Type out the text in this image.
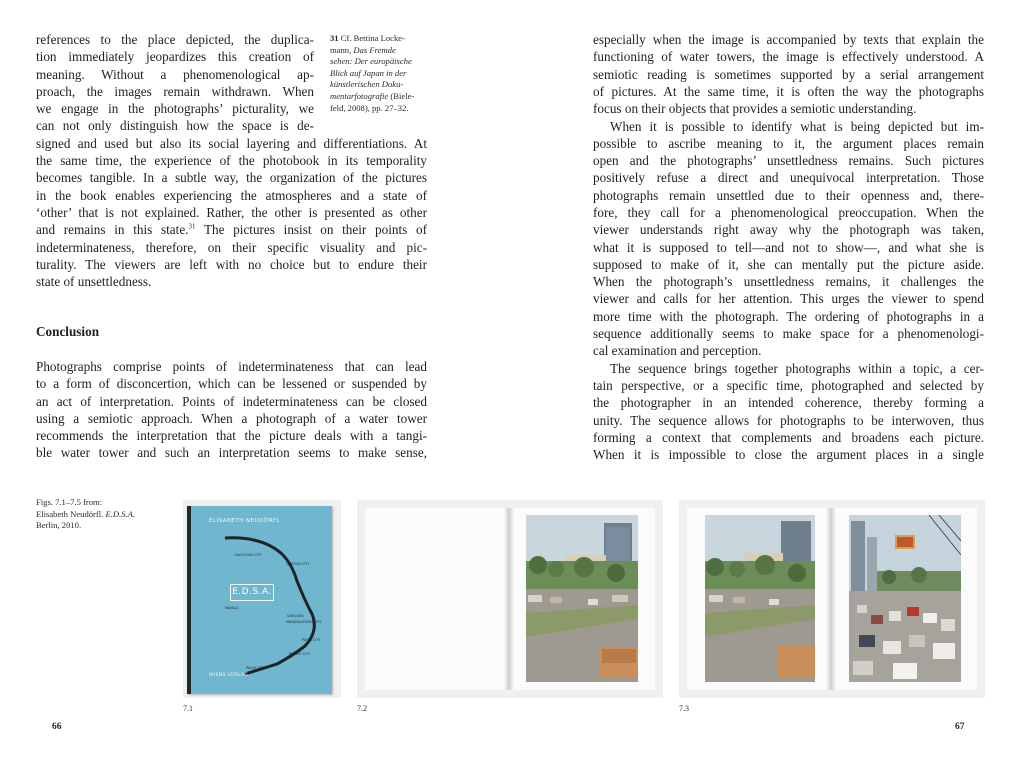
references to the place depicted, the duplica-
tion immediately jeopardizes this creation of
meaning. Without a phenomenological ap-
proach, the images remain withdrawn. When
we engage in the photographs’ picturality, we
can not only distinguish how the space is de-
signed and used but also its social layering and differentiations. At
the same time, the experience of the photobook in its temporality
becomes tangible. In a subtle way, the organization of the pictures
in the book enables experiencing the atmospheres and a state of
‘other’ that is not explained. Rather, the other is presented as other
and remains in this state.$^{31}$ The pictures insist on their points of
indeterminateness, therefore, on their specific visuality and pic-
turality. The viewers are left with no choice but to endure their
state of unsettledness.
31 Cf. Bettina Locke-
mann, Das Fremde
sehen: Der europäische
Blick auf Japan in der
künstlerischen Doku-
mentarfotografie (Biele-
feld, 2008), pp. 27–32.
Conclusion
Photographs comprise points of indeterminateness that can lead
to a form of disconcertion, which can be lessened or suspended by
an act of interpretation. Points of indeterminateness can be closed
using a semiotic approach. When a photograph of a water tower
recommends the interpretation that the picture deals with a tangi-
ble water tower and such an interpretation seems to make sense,
especially when the image is accompanied by texts that explain the
functioning of water towers, the image is effectively understood. A
semiotic reading is sometimes supported by a serial arrangement
of pictures. At the same time, it is often the way the photographs
focus on their objects that provides a semiotic understanding.
When it is possible to identify what is being depicted but im-
possible to ascribe meaning to it, the argument places remain
open and the photographs’ unsettledness remains. Such pictures
positively refuse a direct and unequivocal interpretation. Those
photographs remain unsettled due to their openness and, there-
fore, they call for a phenomenological preoccupation. When the
viewer understands right away why the photograph was taken,
what it is supposed to tell—and not to show—, and what she is
supposed to make of it, she can mentally put the picture aside.
When the photograph’s unsettledness remains, it challenges the
viewer and calls for her attention. This urges the viewer to spend
more time with the photograph. The ordering of photographs in a
sequence additionally seems to make space for a phenomenologi-
cal examination and perception.
The sequence brings together photographs within a topic, a cer-
tain perspective, or a specific time, photographed and selected by
the photographer in an intended coherence, thereby forming a
unity. The sequence allows for photographs to be interwoven, thus
forming a context that complements and broadens each picture.
When it is impossible to close the argument places in a single
Figs. 7.1–7.5 from:
Elisabeth Neudörfl. E.D.S.A.
Berlin, 2010.	ELISABETH NEUDÖRFL
E.D.S.A.
CALOOCAN CITY
QUEZON CITY
MANILA
SAN JUAN
MANDALUYONG CITY
PASIG CITY
MAKATI CITY
PASAY CITY
WIENS VERLAG
7.1	7.2	7.3
66	67
